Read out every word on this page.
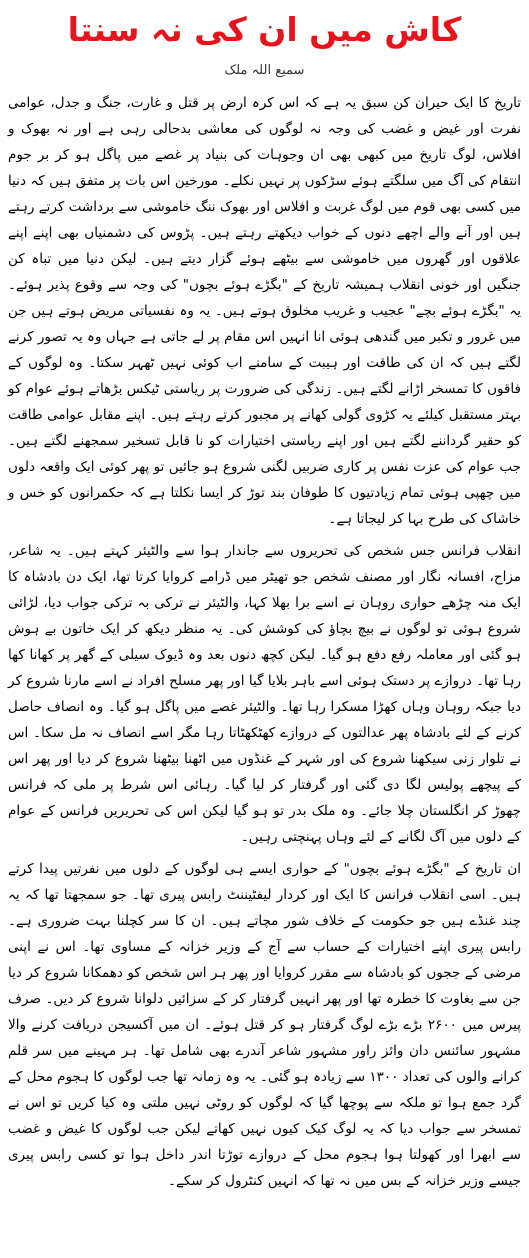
کاش میں ان کی نہ سنتا
سمیع اللہ ملک

تاریخ کا ایک حیران کن سبق یہ ہے کہ اس کرہ ارض پر قتل و غارت، جنگ و جدل، عوامی نفرت اور غیض و غضب کی وجہ نہ لوگوں کی معاشی بدحالی رہی ہے اور نہ بھوک و افلاس، لوگ تاریخ میں کبھی بھی ان وجوہات کی بنیاد پر غصے میں پاگل ہو کر بر جوم انتقام کی آگ میں سلگتے ہوئے سڑکوں پر نہیں نکلے۔ مورخین اس بات پر متفق ہیں کہ دنیا میں کسی بھی قوم میں لوگ غربت و افلاس اور بھوک ننگ خاموشی سے برداشت کرتے رہتے ہیں اور آنے والے اچھے دنوں کے خواب دیکھتے رہتے ہیں۔ پڑوس کی دشمنیاں بھی اپنے اپنے علاقوں اور گھروں میں خاموشی سے بیٹھے ہوئے گزار دیتے ہیں۔ لیکن دنیا میں تباہ کن جنگیں اور خونی انقلاب ہمیشہ تاریخ کے "بگڑے ہوئے بچوں" کی وجہ سے وقوع پذیر ہوئے۔ یہ "بگڑے ہوئے بچے" عجیب و غریب مخلوق ہوتے ہیں۔ یہ وہ نفسیاتی مریض ہوتے ہیں جن میں غرور و تکبر میں گندھی ہوئی انا انہیں اس مقام پر لے جاتی ہے جہاں وہ یہ تصور کرنے لگتے ہیں کہ ان کی طاقت اور ہیبت کے سامنے اب کوئی نہیں ٹھہر سکتا۔ وہ لوگوں کے فاقوں کا تمسخر اڑانے لگتے ہیں۔ زندگی کی ضرورت پر ریاستی ٹیکس بڑھاتے ہوئے عوام کو بہتر مستقبل کیلئے یہ کڑوی گولی کھانے پر مجبور کرتے رہتے ہیں۔ اپنے مقابل عوامی طاقت کو حقیر گرداننے لگتے ہیں اور اپنے ریاستی اختیارات کو نا قابل تسخیر سمجھنے لگتے ہیں۔ جب عوام کی عزت نفس پر کاری ضربیں لگنی شروع ہو جائیں تو پھر کوئی ایک واقعہ دلوں میں چھپی ہوئی تمام زیادتیوں کا طوفان بند توڑ کر ایسا نکلتا ہے کہ حکمرانوں کو خس و خاشاک کی طرح بہا کر لیجاتا ہے۔

انقلاب فرانس جس شخص کی تحریروں سے جاندار ہوا سے والٹیئر کہتے ہیں۔ یہ شاعر، مزاح، افسانہ نگار اور مصنف شخص جو تھیٹر میں ڈرامے کروایا کرتا تھا، ایک دن بادشاہ کا ایک منہ چڑھے حواری روہان نے اسے برا بھلا کہا، والٹیئر نے ترکی بہ ترکی جواب دیا، لڑائی شروع ہوئی تو لوگوں نے بیچ بچاؤ کی کوشش کی۔ یہ منظر دیکھ کر ایک خاتون بے ہوش ہو گئی اور معاملہ رفع دفع ہو گیا۔ لیکن کچھ دنوں بعد وہ ڈیوک سیلی کے گھر پر کھانا کھا رہا تھا۔ دروازے پر دستک ہوئی اسے باہر بلایا گیا اور پھر مسلح افراد نے اسے مارنا شروع کر دیا جبکہ روہان وہاں کھڑا مسکرا رہا تھا۔ والٹیئر غصے میں پاگل ہو گیا۔ وہ انصاف حاصل کرنے کے لئے بادشاہ پھر عدالتوں کے دروازے کھٹکھٹاتا رہا مگر اسے انصاف نہ مل سکا۔ اس نے تلوار زنی سیکھنا شروع کی اور شہر کے غنڈوں میں اٹھنا بیٹھنا شروع کر دیا اور پھر اس کے پیچھے پولیس لگا دی گئی اور گرفتار کر لیا گیا۔ رہائی اس شرط پر ملی کہ فرانس چھوڑ کر انگلستان چلا جائے۔ وہ ملک بدر تو ہو گیا لیکن اس کی تحریریں فرانس کے عوام کے دلوں میں آگ لگانے کے لئے وہاں پہنچتی رہیں۔

ان تاریخ کے "بگڑے ہوئے بچوں" کے حواری ایسے ہی لوگوں کے دلوں میں نفرتیں پیدا کرتے ہیں۔ اسی انقلاب فرانس کا ایک اور کردار لیفٹیننٹ رابس پیری تھا۔ جو سمجھتا تھا کہ یہ چند غنڈے ہیں جو حکومت کے خلاف شور مچاتے ہیں۔ ان کا سر کچلنا بہت ضروری ہے۔ رابس پیری اپنے اختیارات کے حساب سے آج کے وزیر خزانہ کے مساوی تھا۔ اس نے اپنی مرضی کے ججوں کو بادشاہ سے مقرر کروایا اور پھر ہر اس شخص کو دھمکانا شروع کر دیا جن سے بغاوت کا خطرہ تھا اور پھر انہیں گرفتار کر کے سزائیں دلوانا شروع کر دیں۔ صرف پیرس میں ۲۶۰۰ بڑے بڑے لوگ گرفتار ہو کر قتل ہوئے۔ ان میں آکسیجن دریافت کرنے والا مشہور سائنس دان وائز راور مشہور شاعر آندرے بھی شامل تھا۔ ہر مہینے میں سر قلم کرانے والوں کی تعداد ۱۳۰۰ سے زیادہ ہو گئی۔ یہ وہ زمانہ تھا جب لوگوں کا ہجوم محل کے گرد جمع ہوا تو ملکہ سے پوچھا گیا کہ لوگوں کو روٹی نہیں ملتی وہ کیا کریں تو اس نے تمسخر سے جواب دیا کہ یہ لوگ کیک کیوں نہیں کھاتے لیکن جب لوگوں کا غیض و غضب سے ابھرا اور کھولتا ہوا ہجوم محل کے دروازے توڑتا اندر داخل ہوا تو کسی رابس پیری جیسے وزیر خزانہ کے بس میں نہ تھا کہ انہیں کنٹرول کر سکے۔
